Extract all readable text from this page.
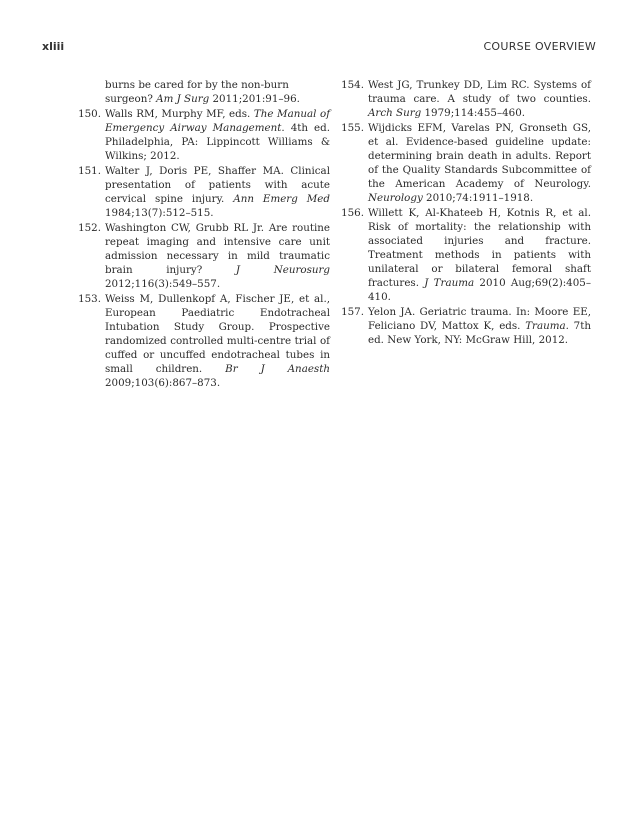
xliii	COURSE OVERVIEW
burns be cared for by the non-burn surgeon? Am J Surg 2011;201:91–96.
150. Walls RM, Murphy MF, eds. The Manual of Emergency Airway Management. 4th ed. Philadelphia, PA: Lippincott Williams & Wilkins; 2012.
151. Walter J, Doris PE, Shaffer MA. Clinical presentation of patients with acute cervical spine injury. Ann Emerg Med 1984;13(7):512–515.
152. Washington CW, Grubb RL Jr. Are routine repeat imaging and intensive care unit admission necessary in mild traumatic brain injury? J Neurosurg 2012;116(3):549–557.
153. Weiss M, Dullenkopf A, Fischer JE, et al., European Paediatric Endotracheal Intubation Study Group. Prospective randomized controlled multi-centre trial of cuffed or uncuffed endotracheal tubes in small children. Br J Anaesth 2009;103(6):867–873.
154. West JG, Trunkey DD, Lim RC. Systems of trauma care. A study of two counties. Arch Surg 1979;114:455–460.
155. Wijdicks EFM, Varelas PN, Gronseth GS, et al. Evidence-based guideline update: determining brain death in adults. Report of the Quality Standards Subcommittee of the American Academy of Neurology. Neurology 2010;74:1911–1918.
156. Willett K, Al-Khateeb H, Kotnis R, et al. Risk of mortality: the relationship with associated injuries and fracture. Treatment methods in patients with unilateral or bilateral femoral shaft fractures. J Trauma 2010 Aug;69(2):405–410.
157. Yelon JA. Geriatric trauma. In: Moore EE, Feliciano DV, Mattox K, eds. Trauma. 7th ed. New York, NY: McGraw Hill, 2012.
